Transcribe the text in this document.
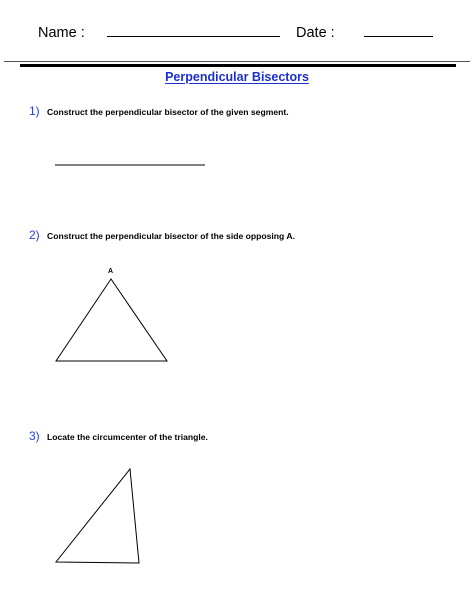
Name :	Date :
Perpendicular Bisectors
1) Construct the perpendicular bisector of the given segment.
2) Construct the perpendicular bisector of the side opposing A.
A
3) Locate the circumcenter of the triangle.
